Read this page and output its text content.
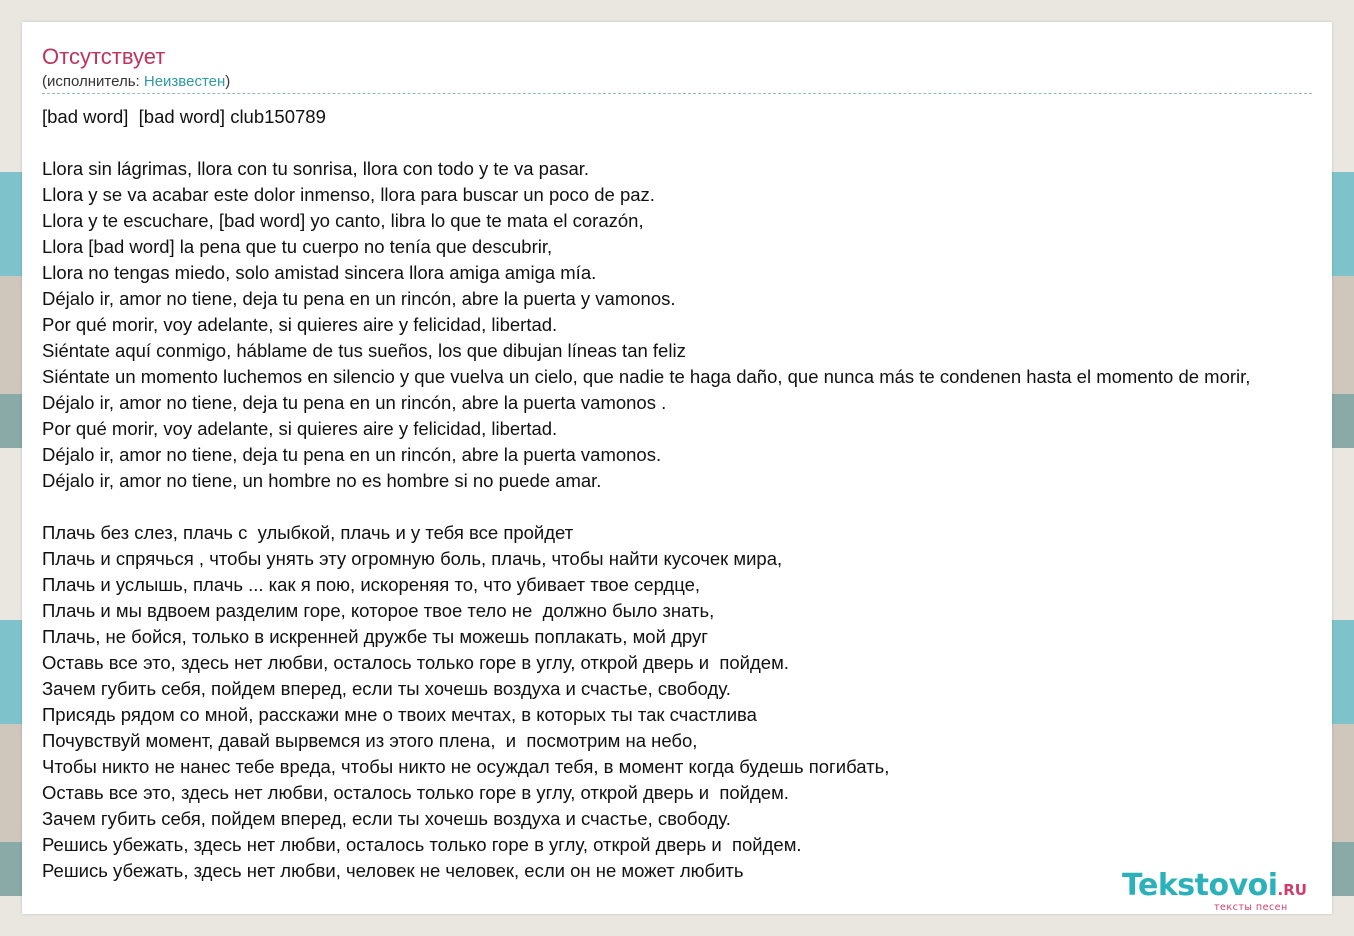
Отсутствует
(исполнитель: Неизвестен)
[bad word]  [bad word] club150789
Llora sin lágrimas, llora con tu sonrisa, llora con todo y te va pasar.
Llora y se va acabar este dolor inmenso, llora para buscar un poco de paz.
Llora y te escuchare, [bad word] yo canto, libra lo que te mata el corazón,
Llora [bad word] la pena que tu cuerpo no tenía que descubrir,
Llora no tengas miedo, solo amistad sincera llora amiga amiga mía.
Déjalo ir, amor no tiene, deja tu pena en un rincón, abre la puerta y vamonos.
Por qué morir, voy adelante, si quieres aire y felicidad, libertad.
Siéntate aquí conmigo, háblame de tus sueños, los que dibujan líneas tan feliz
Siéntate un momento luchemos en silencio y que vuelva un cielo, que nadie te haga daño, que nunca más te condenen hasta el momento de morir,
Déjalo ir, amor no tiene, deja tu pena en un rincón, abre la puerta vamonos .
Por qué morir, voy adelante, si quieres aire y felicidad, libertad.
Déjalo ir, amor no tiene, deja tu pena en un rincón, abre la puerta vamonos.
Déjalo ir, amor no tiene, un hombre no es hombre si no puede amar.
Плачь без слез, плачь с  улыбкой, плачь и у тебя все пройдет
Плачь и спрячься , чтобы унять эту огромную боль, плачь, чтобы найти кусочек мира,
Плачь и услышь, плачь ... как я пою, искореняя то, что убивает твое сердце,
Плачь и мы вдвоем разделим горе, которое твое тело не  должно было знать,
Плачь, не бойся, только в искренней дружбе ты можешь поплакать, мой друг
Оставь все это, здесь нет любви, осталось только горе в углу, открой дверь и  пойдем.
Зачем губить себя, пойдем вперед, если ты хочешь воздуха и счастье, свободу.
Присядь рядом со мной, расскажи мне о твоих мечтах, в которых ты так счастлива
Почувствуй момент, давай вырвемся из этого плена,  и  посмотрим на небо,
Чтобы никто не нанес тебе вреда, чтобы никто не осуждал тебя, в момент когда будешь погибать,
Оставь все это, здесь нет любви, осталось только горе в углу, открой дверь и  пойдем.
Зачем губить себя, пойдем вперед, если ты хочешь воздуха и счастье, свободу.
Решись убежать, здесь нет любви, осталось только горе в углу, открой дверь и  пойдем.
Решись убежать, здесь нет любви, человек не человек, если он не может любить	Tekstovoi.RU
тексты песен
